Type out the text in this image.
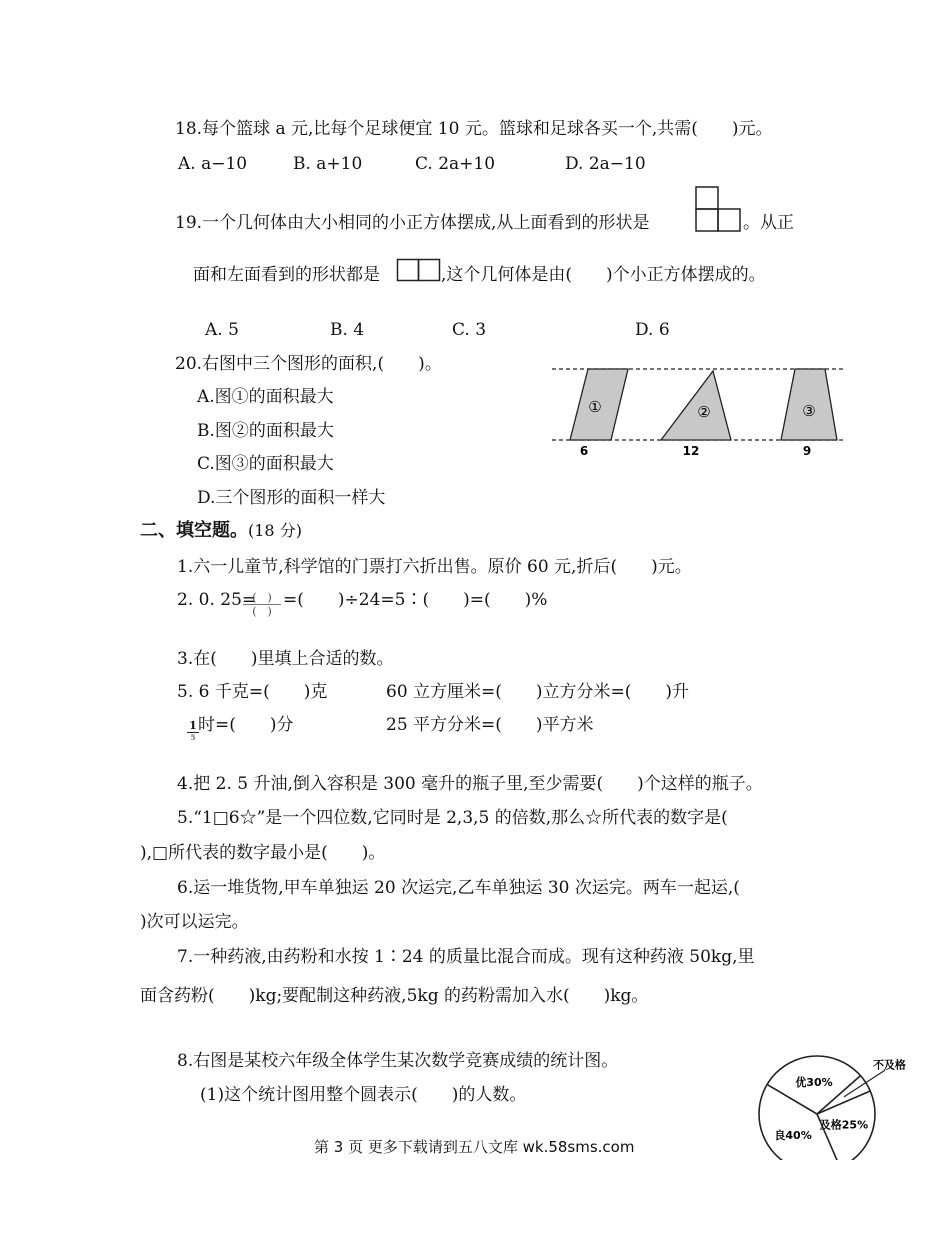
18.每个篮球 a 元,比每个足球便宜 10 元。篮球和足球各买一个,共需(　　)元。
A. a−10	B. a+10	C. 2a+10	D. 2a−10
19.一个几何体由大小相同的小正方体摆成,从上面看到的形状是	。从正
面和左面看到的形状都是	,这个几何体是由(　　)个小正方体摆成的。
A. 5	B. 4	C. 3	D. 6
20.右图中三个图形的面积,(　　)。
A.图①的面积最大
B.图②的面积最大
C.图③的面积最大
D.三个图形的面积一样大
①	②	③
6	12	9
二、填空题。(18 分)
1.六一儿童节,科学馆的门票打六折出售。原价 60 元,折后(　　)元。
2. 0. 25=
(　)
(　)
=(　　)÷24=5∶(　　)=(　　)%
3.在(　　)里填上合适的数。
5. 6 千克=(　　)克	60 立方厘米=(　　)立方分米=(　　)升
1
5
时=(　　)分	25 平方分米=(　　)平方米
4.把 2. 5 升油,倒入容积是 300 毫升的瓶子里,至少需要(　　)个这样的瓶子。
5.“1□6☆”是一个四位数,它同时是 2,3,5 的倍数,那么☆所代表的数字是(
),□所代表的数字最小是(　　)。
6.运一堆货物,甲车单独运 20 次运完,乙车单独运 30 次运完。两车一起运,(
)次可以运完。
7.一种药液,由药粉和水按 1∶24 的质量比混合而成。现有这种药液 50kg,里
面含药粉(　　)kg;要配制这种药液,5kg 的药粉需加入水(　　)kg。
8.右图是某校六年级全体学生某次数学竞赛成绩的统计图。
(1)这个统计图用整个圆表示(　　)的人数。
优30%
不及格
及格25%
良40%
第 3 页 更多下载请到五八文库 wk.58sms.com
